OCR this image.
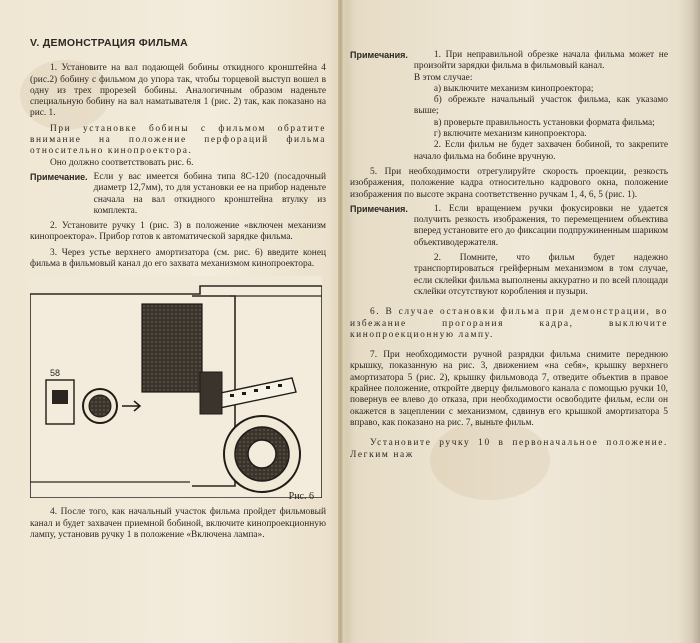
V. ДЕМОНСТРАЦИЯ ФИЛЬМА

1. Установите на вал подающей бобины откидного кронштейна 4 (рис.2) бобину с фильмом до упора так, чтобы торцевой выступ вошел в одну из трех прорезей бобины. Аналогичным образом наденьте специальную бобину на вал наматывателя 1 (рис. 2) так, как показано на рис. 1.

При установке бобины с фильмом обратите внимание на положение перфораций фильма относительно кинопроектора.

Оно должно соответствовать рис. 6.

Примечание. Если у вас имеется бобина типа 8С-120 (посадочный диаметр 12,7мм), то для установки ее на прибор наденьте сначала на вал откидного кронштейна втулку из комплекта.

2. Установите ручку 1 (рис. 3) в положение «включен механизм кинопроектора». Прибор готов к автоматической зарядке фильма.

3. Через устье верхнего амортизатора (см. рис. 6) введите конец фильма в фильмовый канал до его захвата механизмом кинопроектора.

58
Рис. 6

4. После того, как начальный участок фильма пройдет фильмовый канал и будет захвачен приемной бобиной, включите кинопроекционную лампу, установив ручку 1 в положение «Включена лампа».

Примечания.	1. При неправильной обрезке начала фильма может не произойти зарядки фильма в фильмовый канал.

В этом случае:

а) выключите механизм кинопроектора;

б) обрежьте начальный участок фильма, как указамо выше;

в) проверьте правильность установки формата фильма;

г) включите механизм кинопроектора.

2. Если фильм не будет захвачен бобиной, то закрепите начало фильма на бобине вручную.

5. При необходимости отрегулируйте скорость проекции, резкость изображения, положение кадра относительно кадрового окна, положение изображения по высоте экрана соответственно ручкам 1, 4, 6, 5 (рис. 1).

Примечания.	1. Если вращением ручки фокусировки не удается получить резкость изображения, то перемещением объектива вперед установите его до фиксации подпружиненным шариком объективодержателя.

2. Помните, что фильм будет надежно транспортироваться грейферным механизмом в том случае, если склейки фильма выполнены аккуратно и по всей площади склейки отсутствуют коробления и пузыри.

6. В случае остановки фильма при демонстрации, во избежание прогорания кадра, выключите кинопроекционную лампу.

7. При необходимости ручной разрядки фильма снимите переднюю крышку, показанную на рис. 3, движением «на себя», крышку верхнего амортизатора 5 (рис. 2), крышку фильмовода 7, отведите объектив в правое крайнее положение, откройте дверцу фильмового канала с помощью ручки 10, повернув ее влево до отказа, при необходимости освободите фильм, если он окажется в зацеплении с механизмом, сдвинув его крышкой амортизатора 5 вправо, как показано на рис. 7, выньте фильм.

Установите ручку 10 в первоначальное положение. Легким наж
